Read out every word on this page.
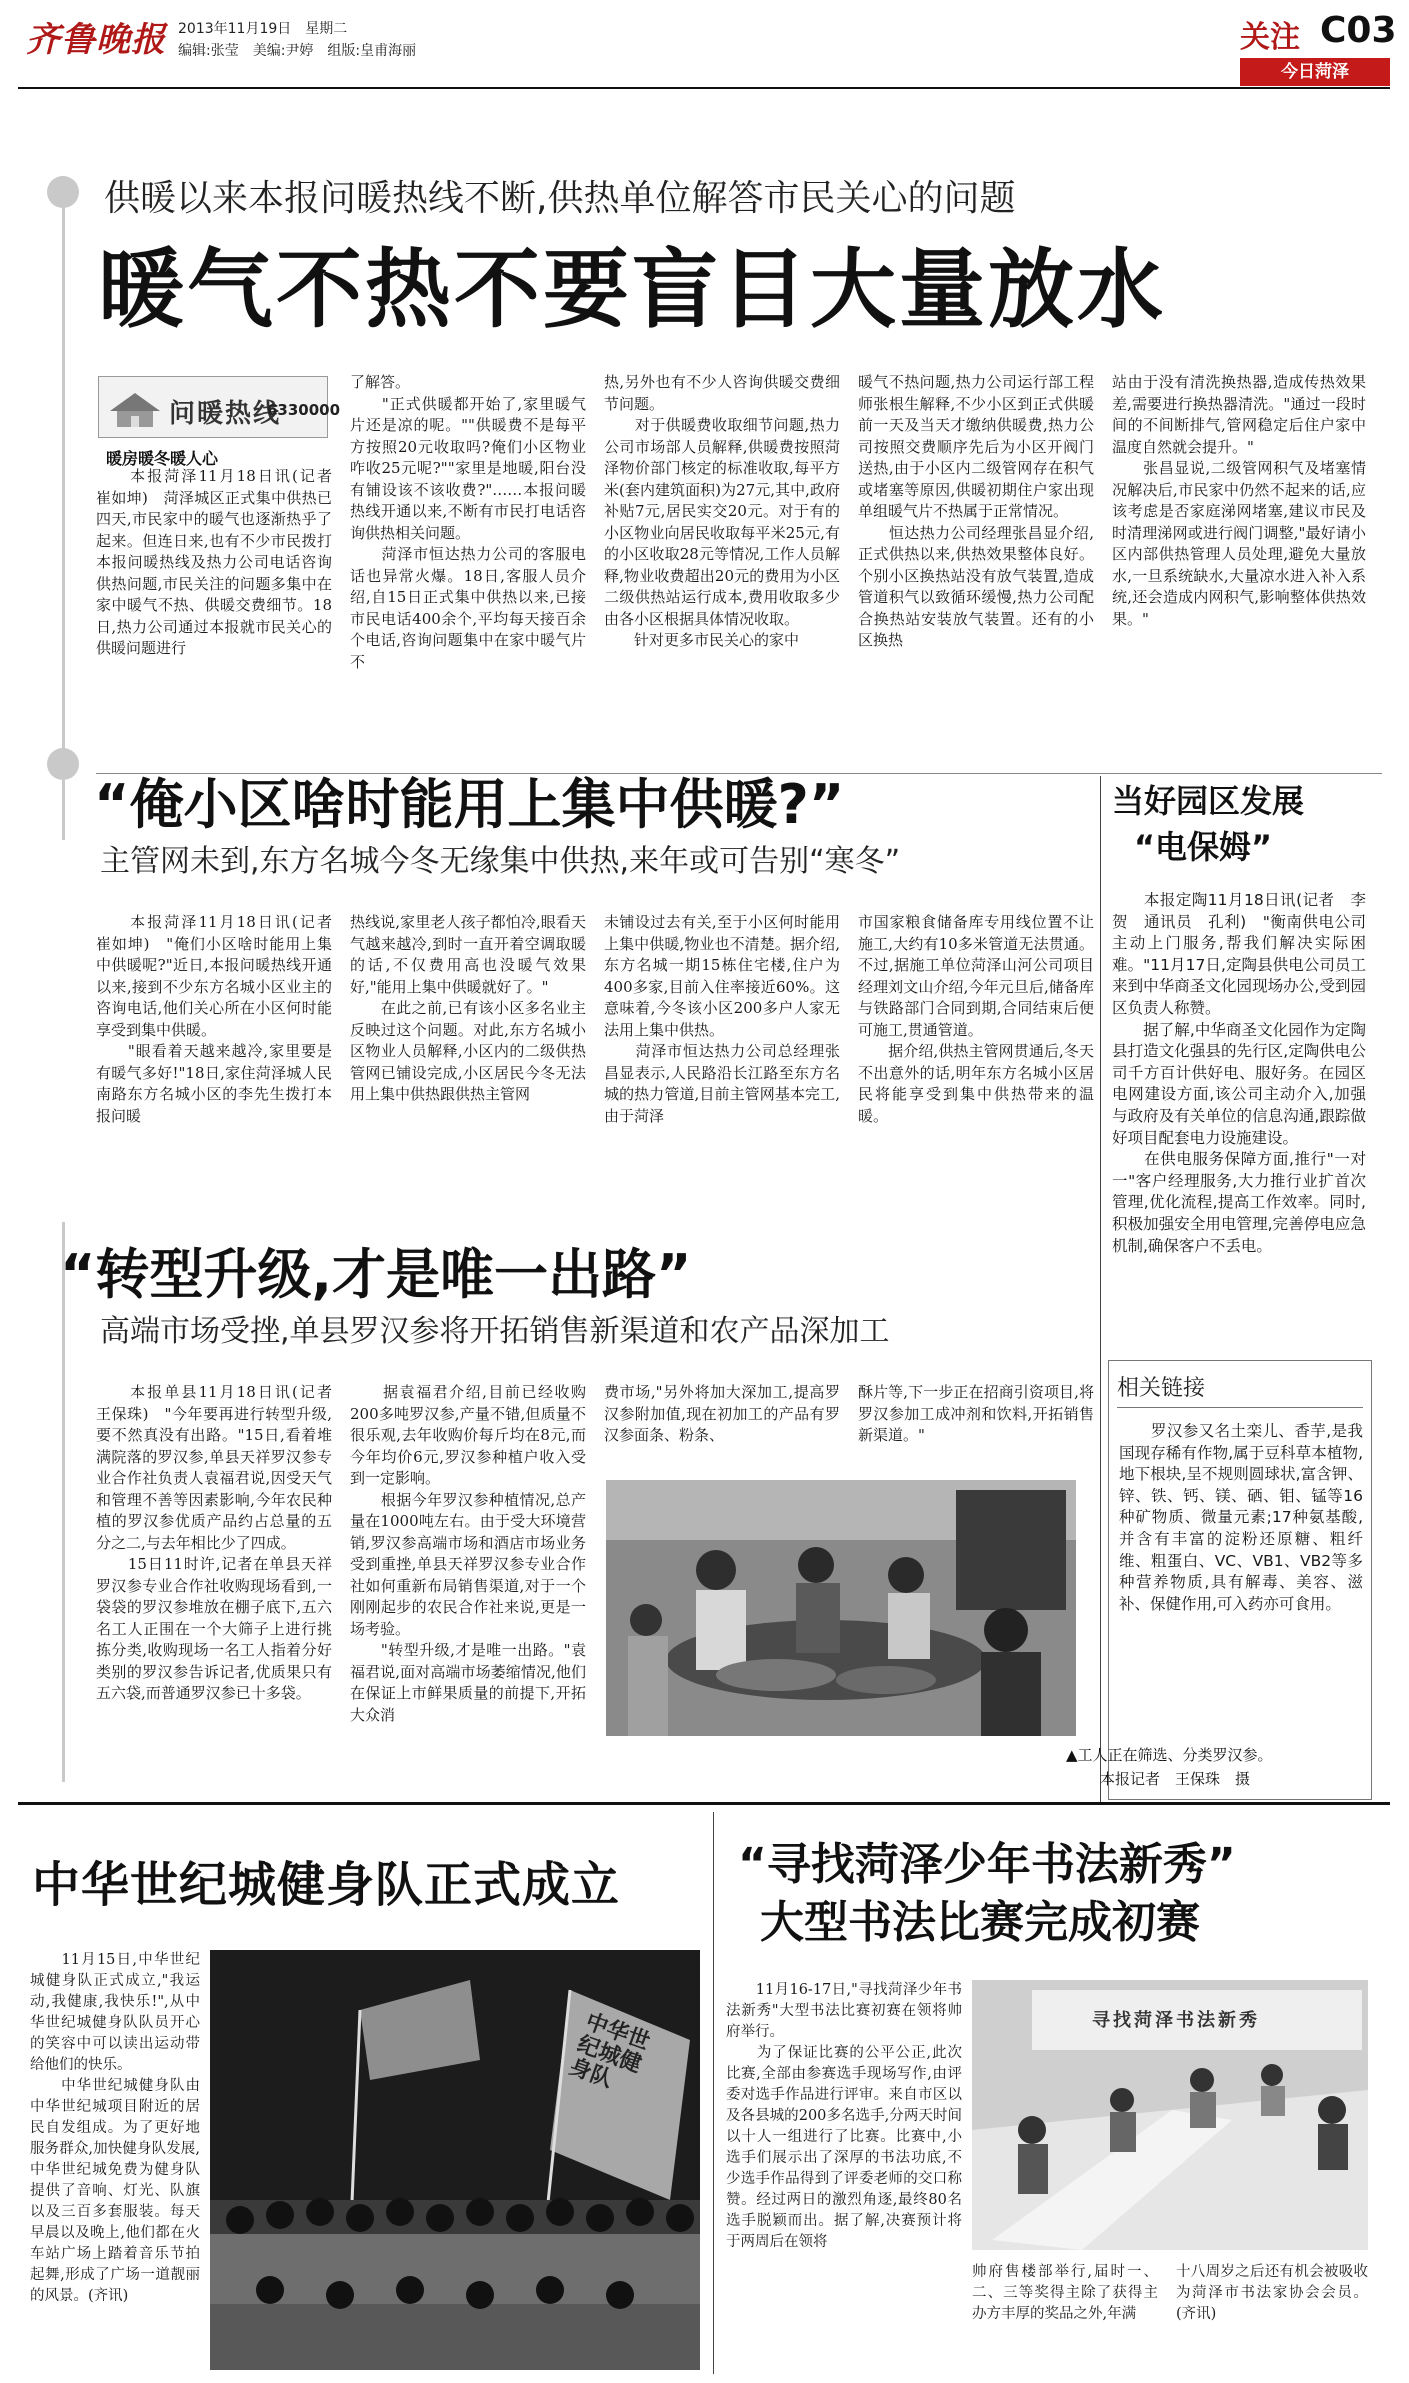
齐鲁晚报 2013年11月19日　星期二
编辑:张莹　美编:尹婷　组版:皇甫海丽	关注 C03
今日菏泽
供暖以来本报问暖热线不断,供热单位解答市民关心的问题
暖气不热不要盲目大量放水
问暖热线
6330000
暖房暖冬暖人心
　　本报菏泽11月18日讯(记者　崔如坤)　菏泽城区正式集中供热已四天,市民家中的暖气也逐渐热乎了起来。但连日来,也有不少市民拨打本报问暖热线及热力公司电话咨询供热问题,市民关注的问题多集中在家中暖气不热、供暖交费细节。18日,热力公司通过本报就市民关心的供暖问题进行
了解答。
　　"正式供暖都开始了,家里暖气片还是凉的呢。""供暖费不是每平方按照20元收取吗?俺们小区物业咋收25元呢?""家里是地暖,阳台没有铺设该不该收费?"……本报问暖热线开通以来,不断有市民打电话咨询供热相关问题。
　　菏泽市恒达热力公司的客服电话也异常火爆。18日,客服人员介绍,自15日正式集中供热以来,已接市民电话400余个,平均每天接百余个电话,咨询问题集中在家中暖气片不
热,另外也有不少人咨询供暖交费细节问题。
　　对于供暖费收取细节问题,热力公司市场部人员解释,供暖费按照菏泽物价部门核定的标准收取,每平方米(套内建筑面积)为27元,其中,政府补贴7元,居民实交20元。对于有的小区物业向居民收取每平米25元,有的小区收取28元等情况,工作人员解释,物业收费超出20元的费用为小区二级供热站运行成本,费用收取多少由各小区根据具体情况收取。
　　针对更多市民关心的家中
暖气不热问题,热力公司运行部工程师张根生解释,不少小区到正式供暖前一天及当天才缴纳供暖费,热力公司按照交费顺序先后为小区开阀门送热,由于小区内二级管网存在积气或堵塞等原因,供暖初期住户家出现单组暖气片不热属于正常情况。
　　恒达热力公司经理张昌显介绍,正式供热以来,供热效果整体良好。个别小区换热站没有放气装置,造成管道积气以致循环缓慢,热力公司配合换热站安装放气装置。还有的小区换热
站由于没有清洗换热器,造成传热效果差,需要进行换热器清洗。"通过一段时间的不间断排气,管网稳定后住户家中温度自然就会提升。"
　　张昌显说,二级管网积气及堵塞情况解决后,市民家中仍然不起来的话,应该考虑是否家庭涕网堵塞,建议市民及时清理涕网或进行阀门调整,"最好请小区内部供热管理人员处理,避免大量放水,一旦系统缺水,大量凉水进入补入系统,还会造成内网积气,影响整体供热效果。"
“俺小区啥时能用上集中供暖?”
主管网未到,东方名城今冬无缘集中供热,来年或可告别“寒冬”
　　本报菏泽11月18日讯(记者　崔如坤)　"俺们小区啥时能用上集中供暖呢?"近日,本报问暖热线开通以来,接到不少东方名城小区业主的咨询电话,他们关心所在小区何时能享受到集中供暖。
　　"眼看着天越来越冷,家里要是有暖气多好!"18日,家住菏泽城人民南路东方名城小区的李先生拨打本报问暖
热线说,家里老人孩子都怕冷,眼看天气越来越冷,到时一直开着空调取暖的话,不仅费用高也没暖气效果好,"能用上集中供暖就好了。"
　　在此之前,已有该小区多名业主反映过这个问题。对此,东方名城小区物业人员解释,小区内的二级供热管网已铺设完成,小区居民今冬无法用上集中供热跟供热主管网
未铺设过去有关,至于小区何时能用上集中供暖,物业也不清楚。据介绍,东方名城一期15栋住宅楼,住户为400多家,目前入住率接近60%。这意味着,今冬该小区200多户人家无法用上集中供热。
　　菏泽市恒达热力公司总经理张昌显表示,人民路沿长江路至东方名城的热力管道,目前主管网基本完工,由于菏泽
市国家粮食储备库专用线位置不让施工,大约有10多米管道无法贯通。不过,据施工单位菏泽山河公司项目经理刘文山介绍,今年元旦后,储备库与铁路部门合同到期,合同结束后便可施工,贯通管道。
　　据介绍,供热主管网贯通后,冬天不出意外的话,明年东方名城小区居民将能享受到集中供热带来的温暖。
当好园区发展
“电保姆”
　　本报定陶11月18日讯(记者　李贺　通讯员　孔利)　"衡南供电公司主动上门服务,帮我们解决实际困难。"11月17日,定陶县供电公司员工来到中华商圣文化园现场办公,受到园区负责人称赞。
　　据了解,中华商圣文化园作为定陶县打造文化强县的先行区,定陶供电公司千方百计供好电、服好务。在园区电网建设方面,该公司主动介入,加强与政府及有关单位的信息沟通,跟踪做好项目配套电力设施建设。
　　在供电服务保障方面,推行"一对一"客户经理服务,大力推行业扩首次管理,优化流程,提高工作效率。同时,积极加强安全用电管理,完善停电应急机制,确保客户不丢电。
相关链接
　　罗汉参又名土栾儿、香芋,是我国现存稀有作物,属于豆科草本植物,地下根块,呈不规则圆球状,富含钾、锌、铁、钙、镁、硒、钼、锰等16种矿物质、微量元素;17种氨基酸,并含有丰富的淀粉还原糖、粗纤维、粗蛋白、VC、VB1、VB2等多种营养物质,具有解毒、美容、滋补、保健作用,可入药亦可食用。
“转型升级,才是唯一出路”
高端市场受挫,单县罗汉参将开拓销售新渠道和农产品深加工
　　本报单县11月18日讯(记者　王保珠)　"今年要再进行转型升级,要不然真没有出路。"15日,看着堆满院落的罗汉参,单县天祥罗汉参专业合作社负责人袁福君说,因受天气和管理不善等因素影响,今年农民种植的罗汉参优质产品约占总量的五分之二,与去年相比少了四成。
　　15日11时许,记者在单县天祥罗汉参专业合作社收购现场看到,一袋袋的罗汉参堆放在棚子底下,五六名工人正围在一个大筛子上进行挑拣分类,收购现场一名工人指着分好类别的罗汉参告诉记者,优质果只有五六袋,而普通罗汉参已十多袋。
　　据袁福君介绍,目前已经收购200多吨罗汉参,产量不错,但质量不很乐观,去年收购价每斤均在8元,而今年均价6元,罗汉参种植户收入受到一定影响。
　　根据今年罗汉参种植情况,总产量在1000吨左右。由于受大环境营销,罗汉参高端市场和酒店市场业务受到重挫,单县天祥罗汉参专业合作社如何重新布局销售渠道,对于一个刚刚起步的农民合作社来说,更是一场考验。
　　"转型升级,才是唯一出路。"袁福君说,面对高端市场萎缩情况,他们在保证上市鲜果质量的前提下,开拓大众消
费市场,"另外将加大深加工,提高罗汉参附加值,现在初加工的产品有罗汉参面条、粉条、
酥片等,下一步正在招商引资项目,将罗汉参加工成冲剂和饮料,开拓销售新渠道。"
▲工人正在筛选、分类罗汉参。
本报记者　王保珠　摄
中华世纪城健身队正式成立
　　11月15日,中华世纪城健身队正式成立,"我运动,我健康,我快乐!",从中华世纪城健身队队员开心的笑容中可以读出运动带给他们的快乐。
　　中华世纪城健身队由中华世纪城项目附近的居民自发组成。为了更好地服务群众,加快健身队发展,中华世纪城免费为健身队提供了音响、灯光、队旗以及三百多套服装。每天早晨以及晚上,他们都在火车站广场上踏着音乐节拍起舞,形成了广场一道靓丽的风景。(齐讯)
中华世纪城健身队
“寻找菏泽少年书法新秀”
大型书法比赛完成初赛
　　11月16-17日,"寻找菏泽少年书法新秀"大型书法比赛初赛在领将帅府举行。
　　为了保证比赛的公平公正,此次比赛,全部由参赛选手现场写作,由评委对选手作品进行评审。来自市区以及各县城的200多名选手,分两天时间以十人一组进行了比赛。比赛中,小选手们展示出了深厚的书法功底,不少选手作品得到了评委老师的交口称赞。经过两日的激烈角逐,最终80名选手脱颖而出。据了解,决赛预计将于两周后在领将
寻找菏泽书法新秀
帅府售楼部举行,届时一、二、三等奖得主除了获得主办方丰厚的奖品之外,年满
十八周岁之后还有机会被吸收为菏泽市书法家协会会员。(齐讯)
